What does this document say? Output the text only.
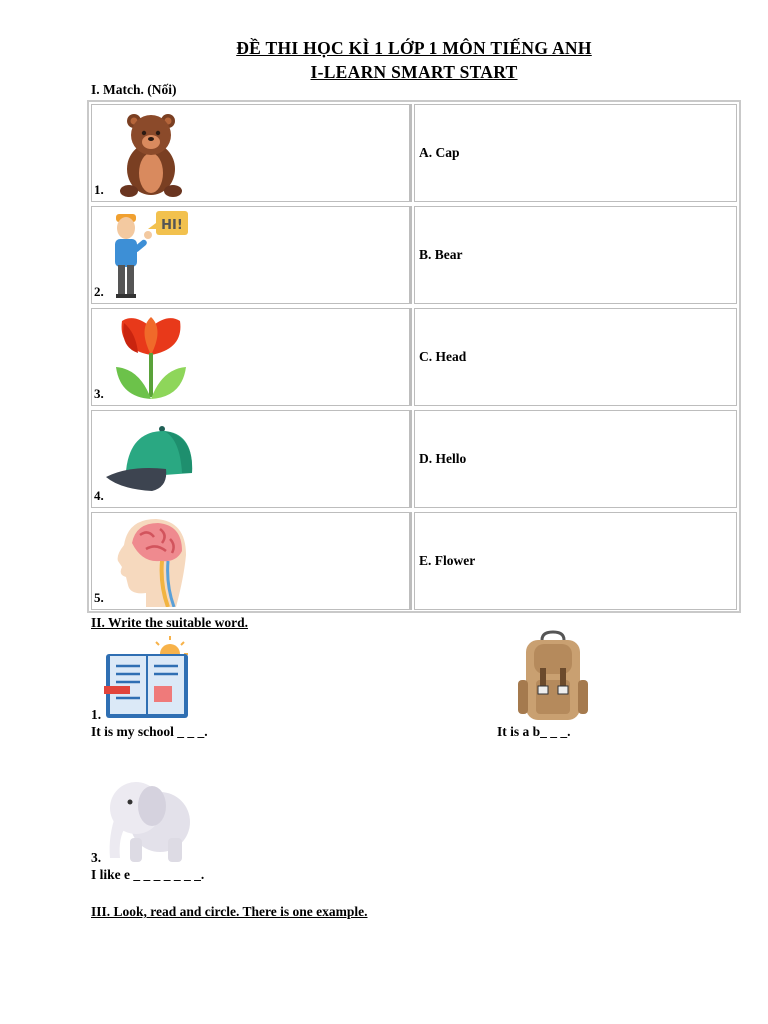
ĐỀ THI HỌC KÌ 1 LỚP 1 MÔN TIẾNG ANH
I-LEARN SMART START
I. Match. (Nối)
1.
A. Cap
HI!
2.
B. Bear
3.
C. Head
4.
D. Hello
5.
E. Flower
II. Write the suitable word.
1.
It is my school _ _ _.	It is a b_ _ _.
3.
I like e _ _ _ _ _ _ _.
III. Look, read and circle. There is one example.
